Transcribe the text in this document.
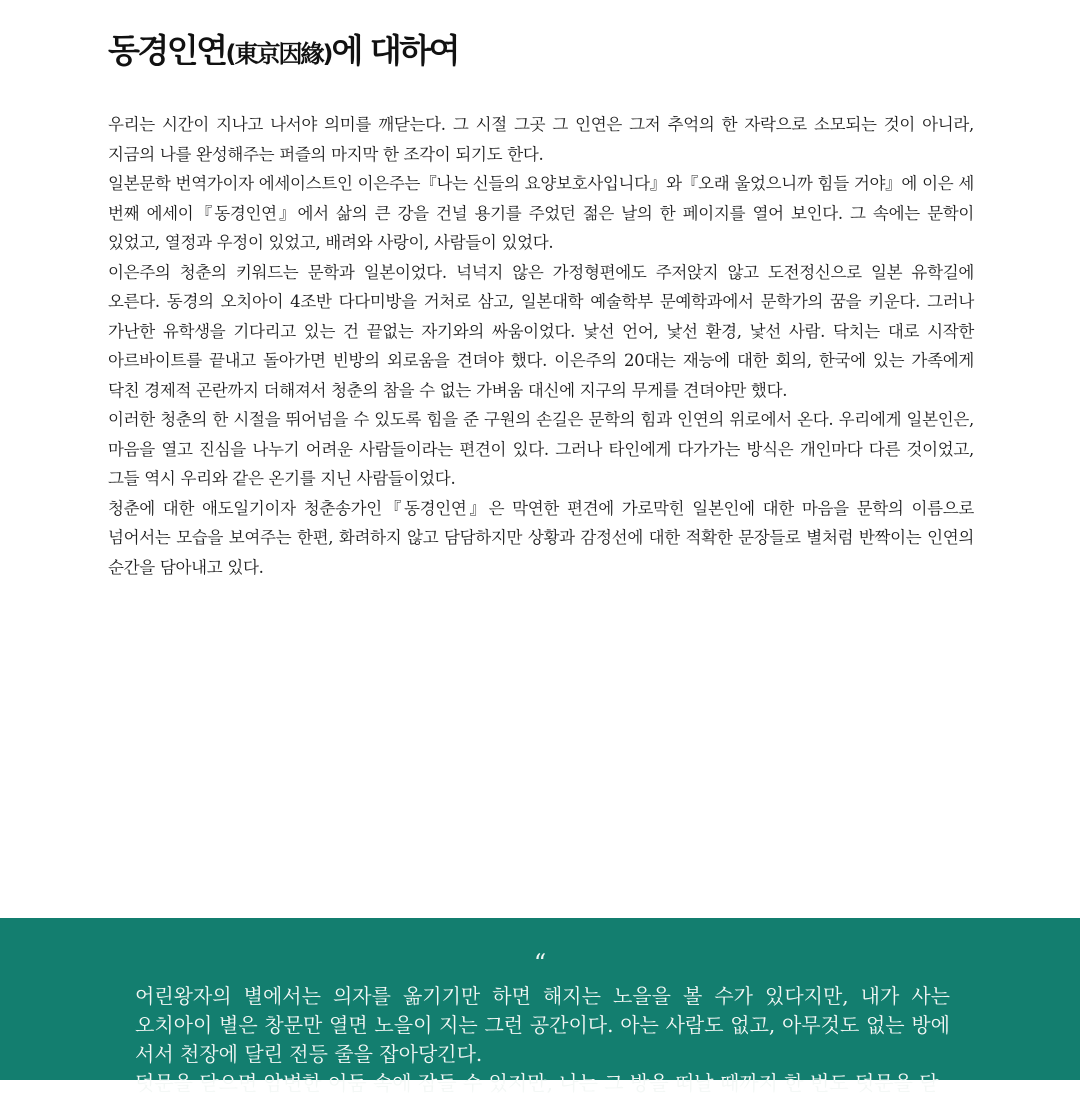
동경인연(東京因緣)에 대하여

우리는 시간이 지나고 나서야 의미를 깨닫는다. 그 시절 그곳 그 인연은 그저 추억의 한 자락으로 소모되는 것이 아니라, 지금의 나를 완성해주는 퍼즐의 마지막 한 조각이 되기도 한다.

일본문학 번역가이자 에세이스트인 이은주는『나는 신들의 요양보호사입니다』와『오래 울었으니까 힘들 거야』에 이은 세 번째 에세이『동경인연』에서 삶의 큰 강을 건널 용기를 주었던 젊은 날의 한 페이지를 열어 보인다. 그 속에는 문학이 있었고, 열정과 우정이 있었고, 배려와 사랑이, 사람들이 있었다.

이은주의 청춘의 키워드는 문학과 일본이었다. 넉넉지 않은 가정형편에도 주저앉지 않고 도전정신으로 일본 유학길에 오른다. 동경의 오치아이 4조반 다다미방을 거처로 삼고, 일본대학 예술학부 문예학과에서 문학가의 꿈을 키운다. 그러나 가난한 유학생을 기다리고 있는 건 끝없는 자기와의 싸움이었다. 낯선 언어, 낯선 환경, 낯선 사람. 닥치는 대로 시작한 아르바이트를 끝내고 돌아가면 빈방의 외로움을 견뎌야 했다. 이은주의 20대는 재능에 대한 회의, 한국에 있는 가족에게 닥친 경제적 곤란까지 더해져서 청춘의 참을 수 없는 가벼움 대신에 지구의 무게를 견뎌야만 했다.

이러한 청춘의 한 시절을 뛰어넘을 수 있도록 힘을 준 구원의 손길은 문학의 힘과 인연의 위로에서 온다. 우리에게 일본인은, 마음을 열고 진심을 나누기 어려운 사람들이라는 편견이 있다. 그러나 타인에게 다가가는 방식은 개인마다 다른 것이었고, 그들 역시 우리와 같은 온기를 지닌 사람들이었다.

청춘에 대한 애도일기이자 청춘송가인『동경인연』은 막연한 편견에 가로막힌 일본인에 대한 마음을 문학의 이름으로 넘어서는 모습을 보여주는 한편, 화려하지 않고 담담하지만 상황과 감정선에 대한 적확한 문장들로 별처럼 반짝이는 인연의 순간을 담아내고 있다.

“

어린왕자의 별에서는 의자를 옮기기만 하면 해지는 노을을 볼 수가 있다지만, 내가 사는 오치아이 별은 창문만 열면 노을이 지는 그런 공간이다. 아는 사람도 없고, 아무것도 없는 방에 서서 천장에 달린 전등 줄을 잡아당긴다.

덧문을 닫으면 암변한 어둠 속에 잠들 수 있지만, 나는 그 방을 떠날 때까지 한 번도 덧문을 닫
